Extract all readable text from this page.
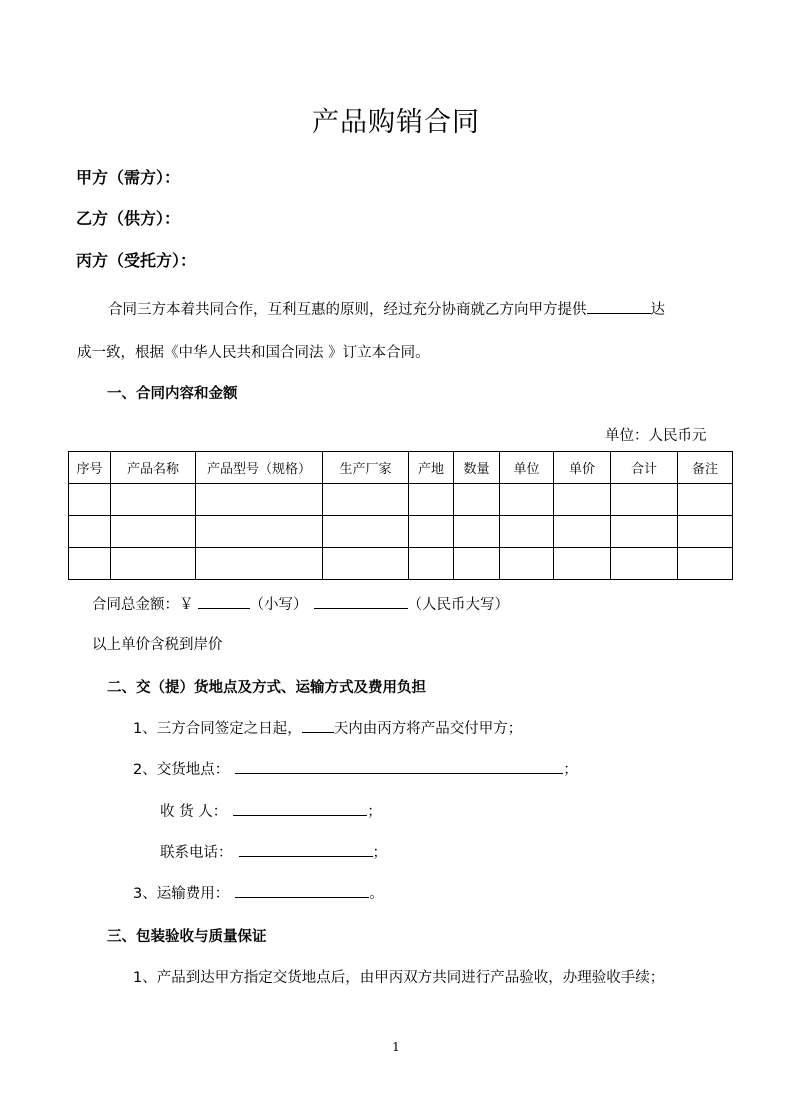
产品购销合同
甲方（需方）：
乙方（供方）：
丙方（受托方）：
合同三方本着共同合作，互利互惠的原则，经过充分协商就乙方向甲方提供	达
成一致，根据《中华人民共和国合同法 》订立本合同。
一、合同内容和金额
单位：人民币元
序号	产品名称	产品型号（规格）	生产厂家	产地	数量	单位	单价	合计	备注

合同总金额：￥	（小写）	（人民币大写）
以上单价含税到岸价
二、交（提）货地点及方式、运输方式及费用负担
1、三方合同签定之日起， 天内由丙方将产品交付甲方；
2、交货地点：	；
收 货 人：	；
联系电话：	；
3、运输费用：	。
三、包装验收与质量保证
1、产品到达甲方指定交货地点后，由甲丙双方共同进行产品验收，办理验收手续；
1
